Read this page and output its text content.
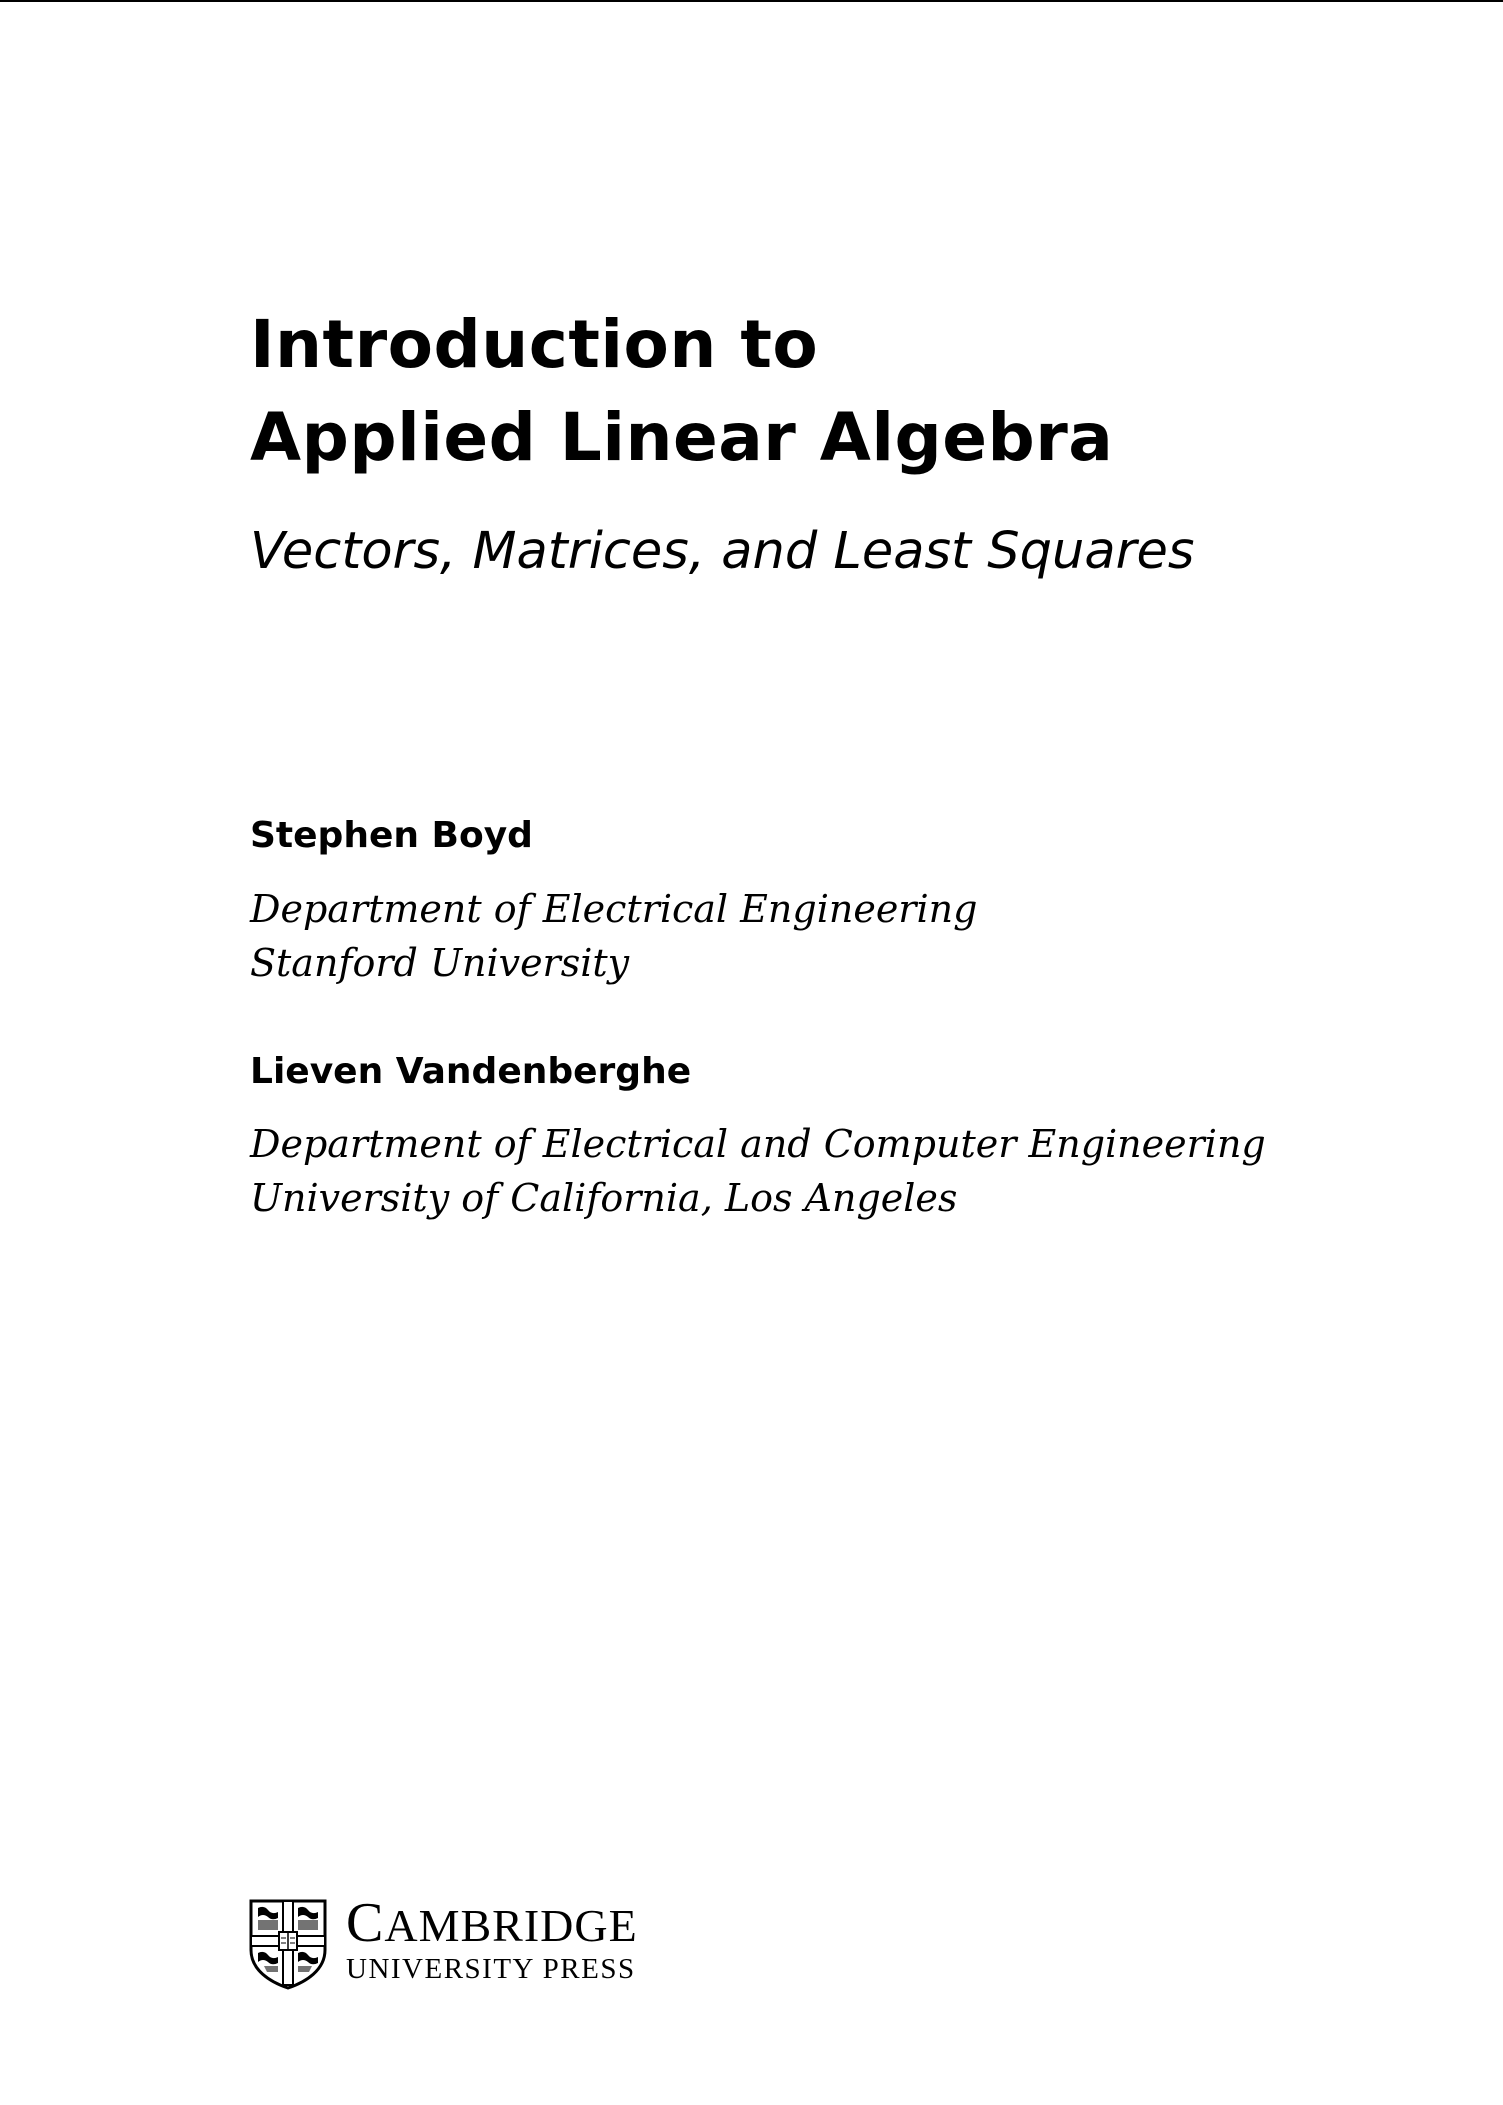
Introduction to
Applied Linear Algebra
Vectors, Matrices, and Least Squares
Stephen Boyd
Department of Electrical Engineering
Stanford University
Lieven Vandenberghe
Department of Electrical and Computer Engineering
University of California, Los Angeles
CAMBRIDGE
UNIVERSITY PRESS
